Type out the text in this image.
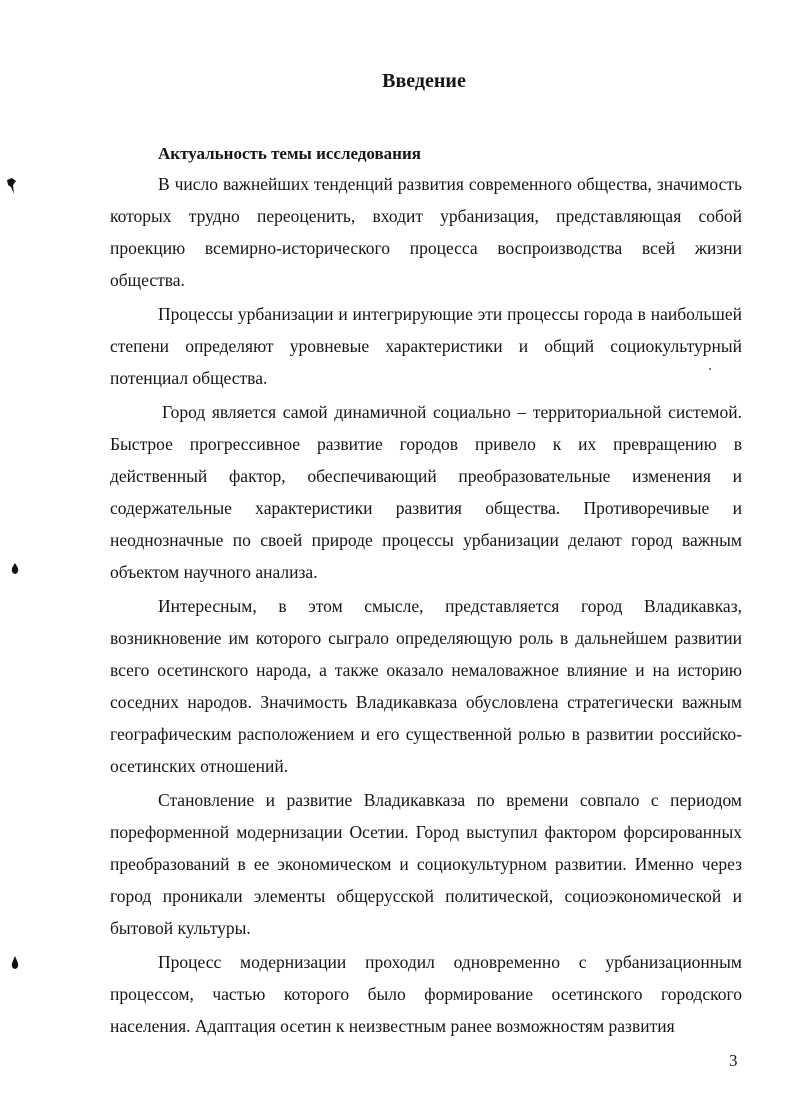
Введение
Актуальность темы исследования

В число важнейших тенденций развития современного общества, значимость которых трудно переоценить, входит урбанизация, представляющая собой проекцию всемирно-исторического процесса воспроизводства всей жизни общества.

Процессы урбанизации и интегрирующие эти процессы города в наибольшей степени определяют уровневые характеристики и общий социокультурный потенциал общества.

Город является самой динамичной социально – территориальной системой. Быстрое прогрессивное развитие городов привело к их превращению в действенный фактор, обеспечивающий преобразовательные изменения и содержательные характеристики развития общества. Противоречивые и неоднозначные по своей природе процессы урбанизации делают город важным объектом научного анализа.

Интересным, в этом смысле, представляется город Владикавказ, возникновение им которого сыграло определяющую роль в дальнейшем развитии всего осетинского народа, а также оказало немаловажное влияние и на историю соседних народов. Значимость Владикавказа обусловлена стратегически важным географическим расположением и его существенной ролью в развитии российско-осетинских отношений.

Становление и развитие Владикавказа по времени совпало с периодом пореформенной модернизации Осетии. Город выступил фактором форсированных преобразований в ее экономическом и социокультурном развитии. Именно через город проникали элементы общерусской политической, социоэкономической и бытовой культуры.

Процесс модернизации проходил одновременно с урбанизационным процессом, частью которого было формирование осетинского городского населения. Адаптация осетин к неизвестным ранее возможностям развития

3
